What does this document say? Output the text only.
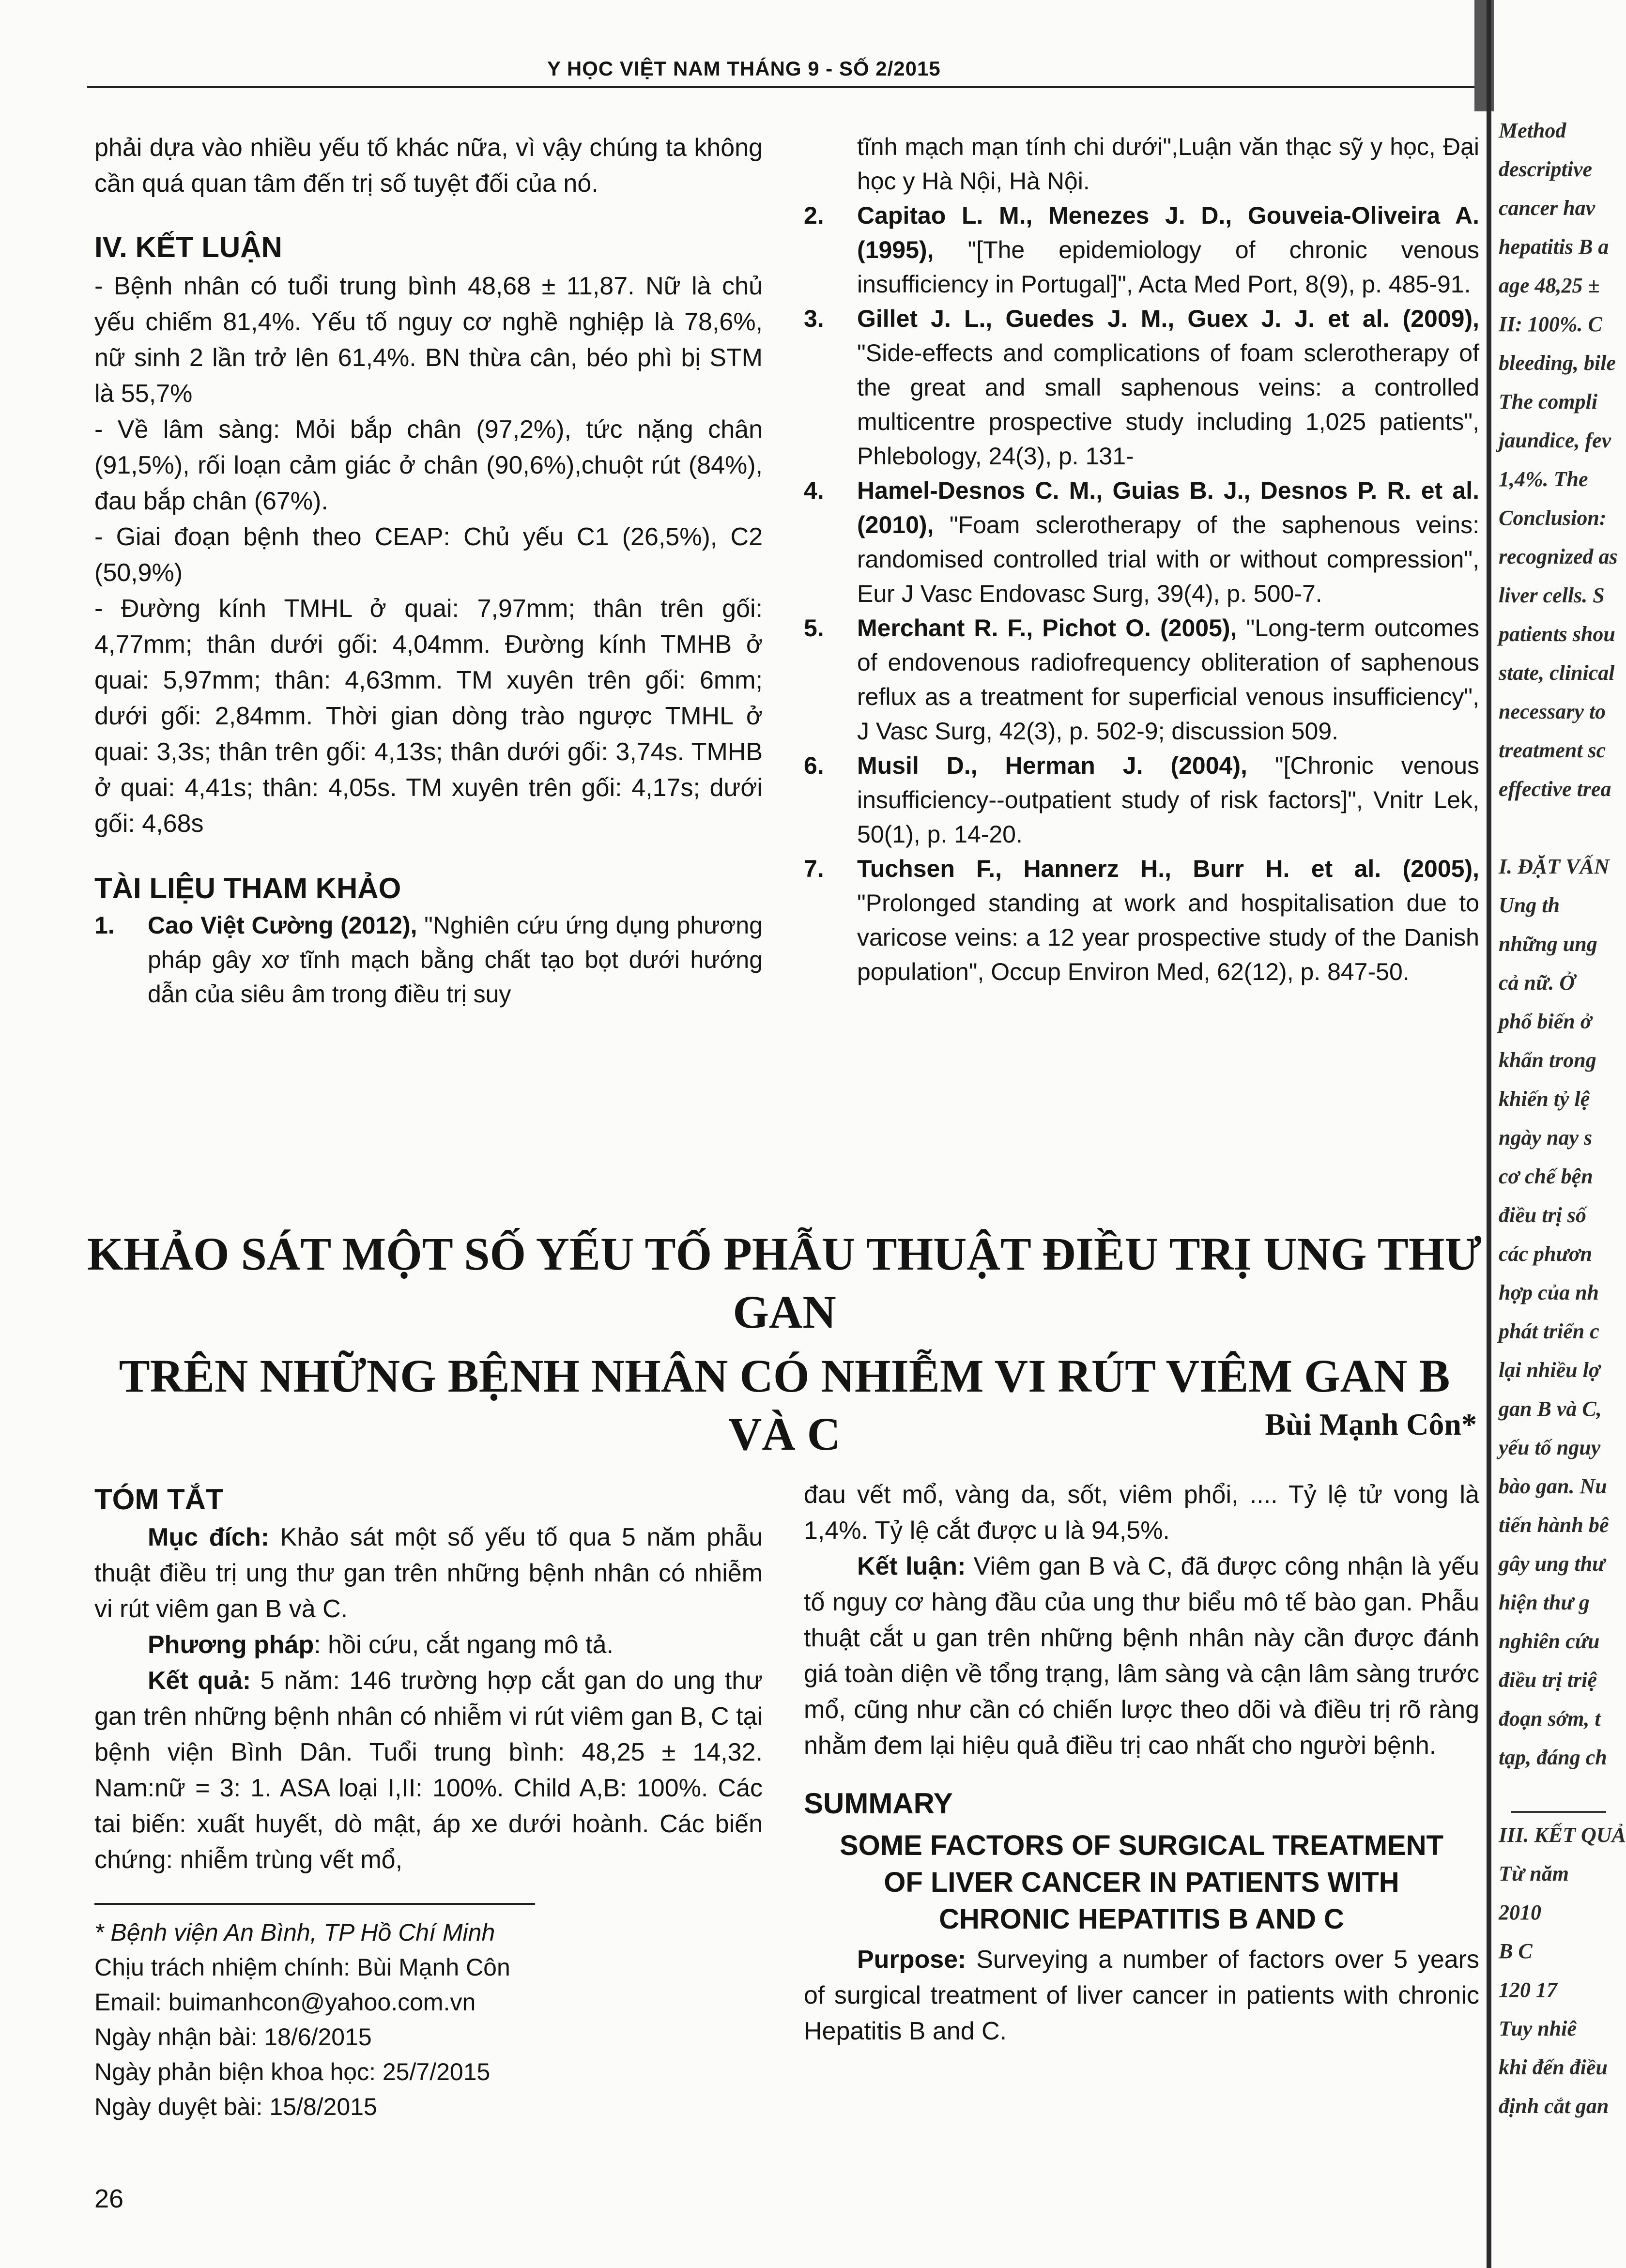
Y HỌC VIỆT NAM THÁNG 9 - SỐ 2/2015

phải dựa vào nhiều yếu tố khác nữa, vì vậy chúng ta không cần quá quan tâm đến trị số tuyệt đối của nó.

IV. KẾT LUẬN

- Bệnh nhân có tuổi trung bình 48,68 ± 11,87. Nữ là chủ yếu chiếm 81,4%. Yếu tố nguy cơ nghề nghiệp là 78,6%, nữ sinh 2 lần trở lên 61,4%. BN thừa cân, béo phì bị STM là 55,7%

- Về lâm sàng: Mỏi bắp chân (97,2%), tức nặng chân (91,5%), rối loạn cảm giác ở chân (90,6%),chuột rút (84%), đau bắp chân (67%).

- Giai đoạn bệnh theo CEAP: Chủ yếu C1 (26,5%), C2 (50,9%)

- Đường kính TMHL ở quai: 7,97mm; thân trên gối: 4,77mm; thân dưới gối: 4,04mm. Đường kính TMHB ở quai: 5,97mm; thân: 4,63mm. TM xuyên trên gối: 6mm; dưới gối: 2,84mm. Thời gian dòng trào ngược TMHL ở quai: 3,3s; thân trên gối: 4,13s; thân dưới gối: 3,74s. TMHB ở quai: 4,41s; thân: 4,05s. TM xuyên trên gối: 4,17s; dưới gối: 4,68s

TÀI LIỆU THAM KHẢO
1.	Cao Việt Cường (2012), "Nghiên cứu ứng dụng phương pháp gây xơ tĩnh mạch bằng chất tạo bọt dưới hướng dẫn của siêu âm trong điều trị suy
tĩnh mạch mạn tính chi dưới",Luận văn thạc sỹ y học, Đại học y Hà Nội, Hà Nội.
2.	Capitao L. M., Menezes J. D., Gouveia-Oliveira A. (1995), "[The epidemiology of chronic venous insufficiency in Portugal]", Acta Med Port, 8(9), p. 485-91.
3.	Gillet J. L., Guedes J. M., Guex J. J. et al. (2009), "Side-effects and complications of foam sclerotherapy of the great and small saphenous veins: a controlled multicentre prospective study including 1,025 patients", Phlebology, 24(3), p. 131-
4.	Hamel-Desnos C. M., Guias B. J., Desnos P. R. et al. (2010), "Foam sclerotherapy of the saphenous veins: randomised controlled trial with or without compression", Eur J Vasc Endovasc Surg, 39(4), p. 500-7.
5.	Merchant R. F., Pichot O. (2005), "Long-term outcomes of endovenous radiofrequency obliteration of saphenous reflux as a treatment for superficial venous insufficiency", J Vasc Surg, 42(3), p. 502-9; discussion 509.
6.	Musil D., Herman J. (2004), "[Chronic venous insufficiency--outpatient study of risk factors]", Vnitr Lek, 50(1), p. 14-20.
7.	Tuchsen F., Hannerz H., Burr H. et al. (2005), "Prolonged standing at work and hospitalisation due to varicose veins: a 12 year prospective study of the Danish population", Occup Environ Med, 62(12), p. 847-50.
KHẢO SÁT MỘT SỐ YẾU TỐ PHẪU THUẬT ĐIỀU TRỊ UNG THƯ GAN
TRÊN NHỮNG BỆNH NHÂN CÓ NHIỄM VI RÚT VIÊM GAN B VÀ C	Bùi Mạnh Côn*
TÓM TẮT

Mục đích: Khảo sát một số yếu tố qua 5 năm phẫu thuật điều trị ung thư gan trên những bệnh nhân có nhiễm vi rút viêm gan B và C.

Phương pháp: hồi cứu, cắt ngang mô tả.

Kết quả: 5 năm: 146 trường hợp cắt gan do ung thư gan trên những bệnh nhân có nhiễm vi rút viêm gan B, C tại bệnh viện Bình Dân. Tuổi trung bình: 48,25 ± 14,32. Nam:nữ = 3: 1. ASA loại I,II: 100%. Child A,B: 100%. Các tai biến: xuất huyết, dò mật, áp xe dưới hoành. Các biến chứng: nhiễm trùng vết mổ,

đau vết mổ, vàng da, sốt, viêm phổi, .... Tỷ lệ tử vong là 1,4%. Tỷ lệ cắt được u là 94,5%.

Kết luận: Viêm gan B và C, đã được công nhận là yếu tố nguy cơ hàng đầu của ung thư biểu mô tế bào gan. Phẫu thuật cắt u gan trên những bệnh nhân này cần được đánh giá toàn diện về tổng trạng, lâm sàng và cận lâm sàng trước mổ, cũng như cần có chiến lược theo dõi và điều trị rõ ràng nhằm đem lại hiệu quả điều trị cao nhất cho người bệnh.

SUMMARY
SOME FACTORS OF SURGICAL TREATMENT
OF LIVER CANCER IN PATIENTS WITH
CHRONIC HEPATITIS B AND C

Purpose: Surveying a number of factors over 5 years of surgical treatment of liver cancer in patients with chronic Hepatitis B and C.

* Bệnh viện An Bình, TP Hồ Chí Minh

Chịu trách nhiệm chính: Bùi Mạnh Côn

Email: buimanhcon@yahoo.com.vn

Ngày nhận bài: 18/6/2015

Ngày phản biện khoa học: 25/7/2015

Ngày duyệt bài: 15/8/2015

26
Method
descriptive
cancer hav
hepatitis B a
age 48,25 ±
II: 100%. C
bleeding, bile
The compli
jaundice, fev
1,4%. The
Conclusion:
recognized as
liver cells. S
patients shou
state, clinical
necessary to
treatment sc
effective trea

I. ĐẶT VẤN
Ung th
những ung
cả nữ. Ở
phổ biến ở
khẩn trong
khiến tỷ lệ
ngày nay s
cơ chế bện
điều trị số
các phươn
hợp của nh
phát triển c
lại nhiều lợ
gan B và C,
yếu tố nguy
bào gan. Nu
tiến hành bê
gây ung thư
hiện thư g
nghiên cứu
điều trị triệ
đoạn sớm, t
tạp, đáng ch

III. KẾT QUẢ
Từ năm
2010
B C
120 17
Tuy nhiê
khi đến điều
định cắt gan
